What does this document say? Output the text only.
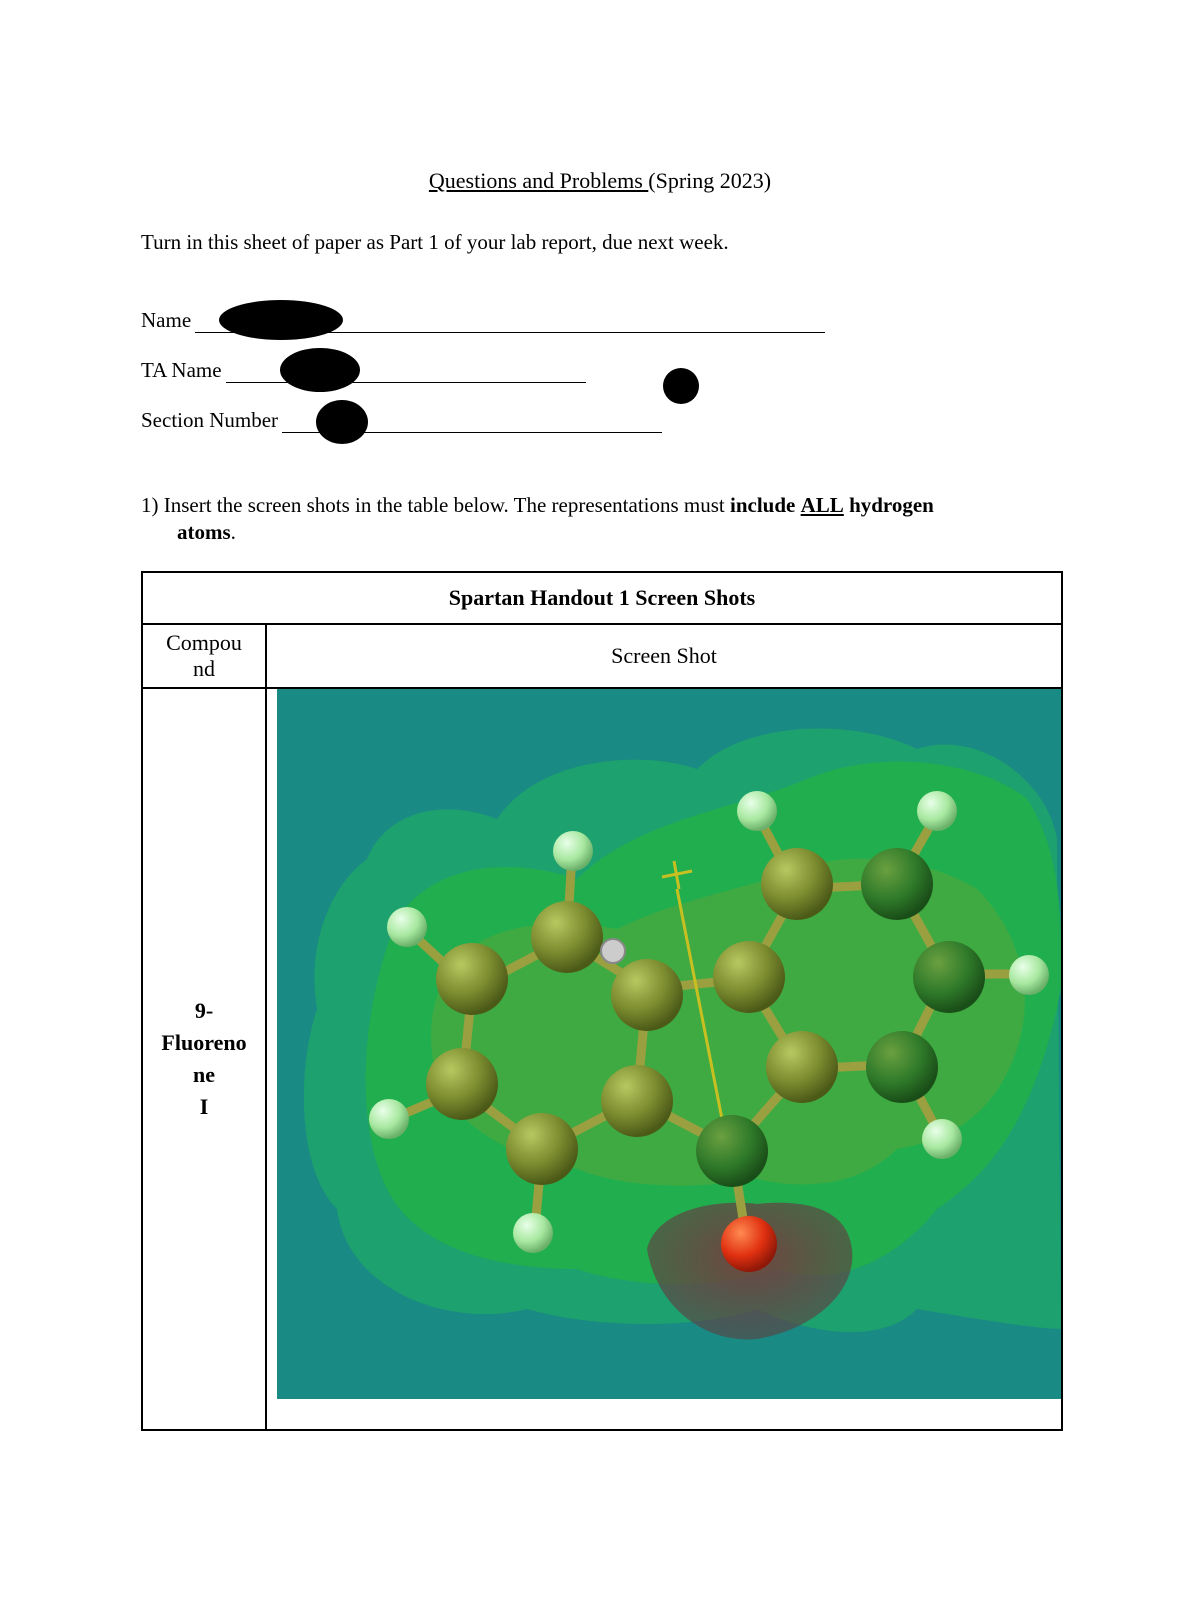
Questions and Problems (Spring 2023)
Turn in this sheet of paper as Part 1 of your lab report, due next week.
Name
TA Name
Section Number
1) Insert the screen shots in the table below. The representations must include ALL hydrogen
atoms.
Spartan Handout 1 Screen Shots	
Compou
nd	Screen Shot
9-
Fluoreno
ne
I	
